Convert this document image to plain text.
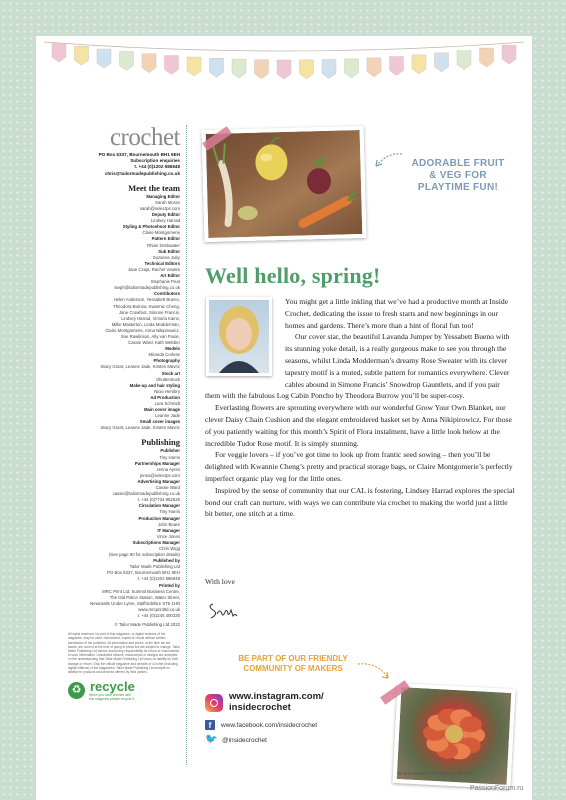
crochet
PO Box 6337, Bournemouth BH1 9EH
Subscription enquiries
t. +44 (0)1202 586848
chris@tailormadepublishing.co.uk
Meet the team
Managing Editor
Sarah Moran
sarah@selectps.com
Deputy Editor
Lindsey Harrad
Styling & Photoshoot Editor
Claire Montgomerie
Pattern Editor
Rhian Drinkwater
Sub Editor
Suzanne Juby
Technical Editors
Jane Czaja, Rachel Vowles
Art Editor
Stephanie Peat
steph@tailormadepublishing.co.uk
Contributors
Helen Anderson, Yessabett Bueno,
Theodora Burrow, Kwannie Cheng,
Jane Crowfoot, Simone Francis,
Lindsey Harrad, Victoria Kains,
Millie Masterton, Linda Modderman,
Claire Montgomerie, Anna Nikipirowicz,
Sue Rawlinson, Ally van Poule,
Cassie Ward, Kath Webber
Models
Miranda Corlese
Photography
Stacy Grant, Leanne Jade, Kirsten Mavric
Stock art
Shutterstock
Make-up and hair styling
Nicie Hembry
Ad Production
Lara Schmidt
Main cover image
Leanne Jade
Small cover images
Stacy Grant, Leanne Jade, Kirsten Mavric
Publishing
Publisher
Tiny Harris
Partnerships Manager
Jenna Ayres
jenna@selectps.com
Advertising Manager
Cassie Ward
cassie@tailormadepublishing.co.uk
t. +44 (0)7734 952626
Circulation Manager
Tiny Harris
Production Manager
John Beare
IT Manager
Vince Jones
Subscriptions Manager
Chris Wigg
(See page 80 for subscription details)
Published by
Tailor Made Publishing Ltd
PO Box 6337, Bournemouth BH1 9EH
t. +44 (0)1202 586848
Printed by
MRC Print Ltd, Summit Business Centre,
The Old Police Station, Water Street,
Newcastle Under Lyme, Staffordshire ST5 1HN
www.mrcprintltd.co.uk
t. +44 (0)1245 400330
© Tailor Made Publishing Ltd 2022
All rights reserved. No part of this magazine, or digital versions of the magazine, may be used, reproduced, copied or resold without written permission of the publisher. All information and prices, at the time we are aware, are correct at the time of going to press but are subject to change. Tailor Made Publishing Ltd cannot accept any responsibility for errors or inaccuracies in such information. Unsolicited artwork, manuscripts or designs are accepted on the understanding that Tailor Made Publishing Ltd incurs no liability for their storage or return. Only the official magazine and website of Crochet (including digital editions) of the magazines. Tailor Made Publishing Ltd accepts no liability for products and services offered by third parties.
♻ recycle
When you have finished with
this magazine please recycle it.
ADORABLE FRUIT
& VEG FOR
PLAYTIME FUN!
Well hello, spring!

You might get a little inkling that we’ve had a productive month at Inside Crochet, dedicating the issue to fresh starts and new beginnings in our homes and gardens. There’s more than a hint of floral fun too!

Our cover star, the beautiful Lavanda Jumper by Yessabett Bueno with its stunning yoke detail, is a really gorgeous make to see you through the seasons, whilst Linda Modderman’s dreamy Rose Sweater with its clever tapestry motif is a muted, subtle pattern for romantics everywhere. Clever cables abound in Simone Francis’ Snowdrop Gauntlets, and if you pair them with the fabulous Log Cabin Poncho by Theodora Burrow you’ll be super-cosy.

Everlasting flowers are sprouting everywhere with our wonderful Grow Your Own Blanket, our clever Daisy Chain Cushion and the elegant embroidered basket set by Anna Nikipirowicz. For those of you patiently waiting for this month’s Spirit of Flora instalment, have a little look below at the incredible Tudor Rose motif. It is simply stunning.

For veggie lovers – if you’ve got time to look up from frantic seed sowing – then you’ll be delighted with Kwannie Cheng’s pretty and practical storage bags, or Claire Montgomerie’s perfectly imperfect organic play veg for the little ones.

Inspired by the sense of community that our CAL is fostering, Lindsey Harrad explores the special bond our craft can nurture, with ways we can contribute via crochet to making the world just a little bit better, one stitch at a time.

With love
BE PART OF OUR FRIENDLY
COMMUNITY OF MAKERS
www.instagram.com/
insidecrochet
f	www.facebook.com/insidecrochet
🐦 @insidecrochet
www.insidecrochet.co.uk 03
PassionForum.ru
